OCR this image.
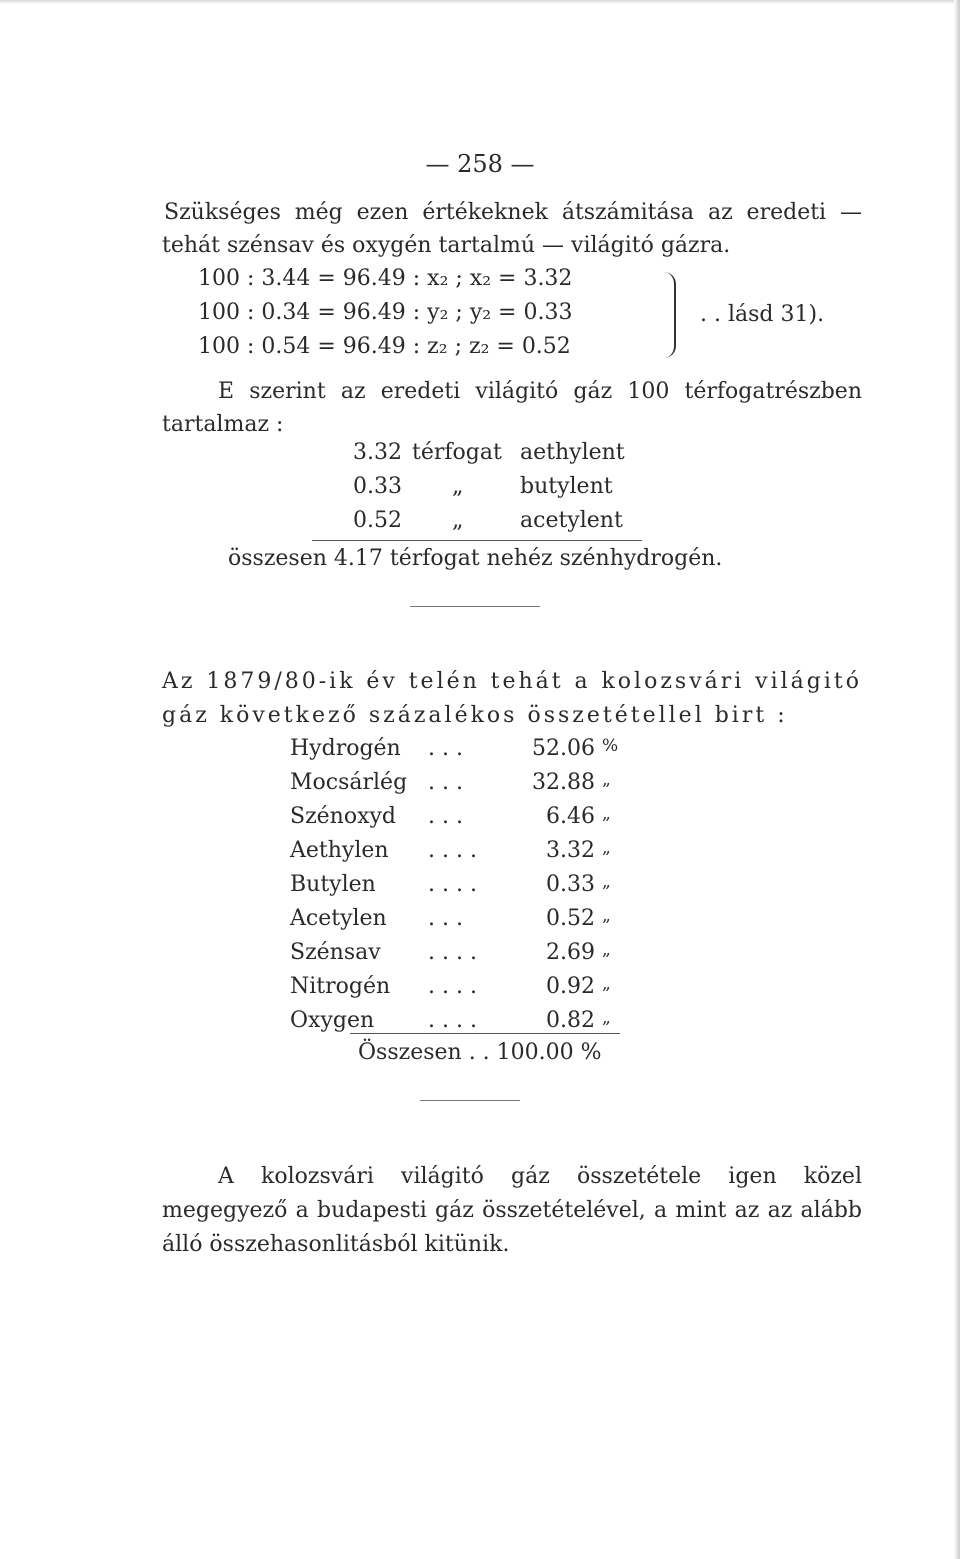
— 258 —
Szükséges még ezen értékeknek átszámitása az eredeti — tehát szénsav és oxygén tartalmú — világitó gázra.
100 : 3.44 = 96.49 : x₂ ; x₂ = 3.32
100 : 0.34 = 96.49 : y₂ ; y₂ = 0.33
100 : 0.54 = 96.49 : z₂ ; z₂ = 0.52
. . lásd 31).
E szerint az eredeti világitó gáz 100 térfogatrészben tartalmaz :
3.32 térfogat aethylent
0.33 „	butylent
0.52 „	acetylent
összesen 4.17 térfogat nehéz szénhydrogén.
Az 1879/80-ik év telén tehát a kolozsvári világitó gáz következő százalékos összetétellel birt :
Hydrogén . . .	52.06 %
Mocsárlég . . .	32.88 „
Szénoxyd . . .	6.46 „
Aethylen . . . .	3.32 „
Butylen . . . .	0.33 „
Acetylen . . .	0.52 „
Szénsav . . . .	2.69 „
Nitrogén . . . .	0.92 „
Oxygen . . . .	0.82 „
Összesen . . 100.00 %
A kolozsvári világitó gáz összetétele igen közel megegyező a budapesti gáz összetételével, a mint az az alább álló összehasonlitásból kitünik.
